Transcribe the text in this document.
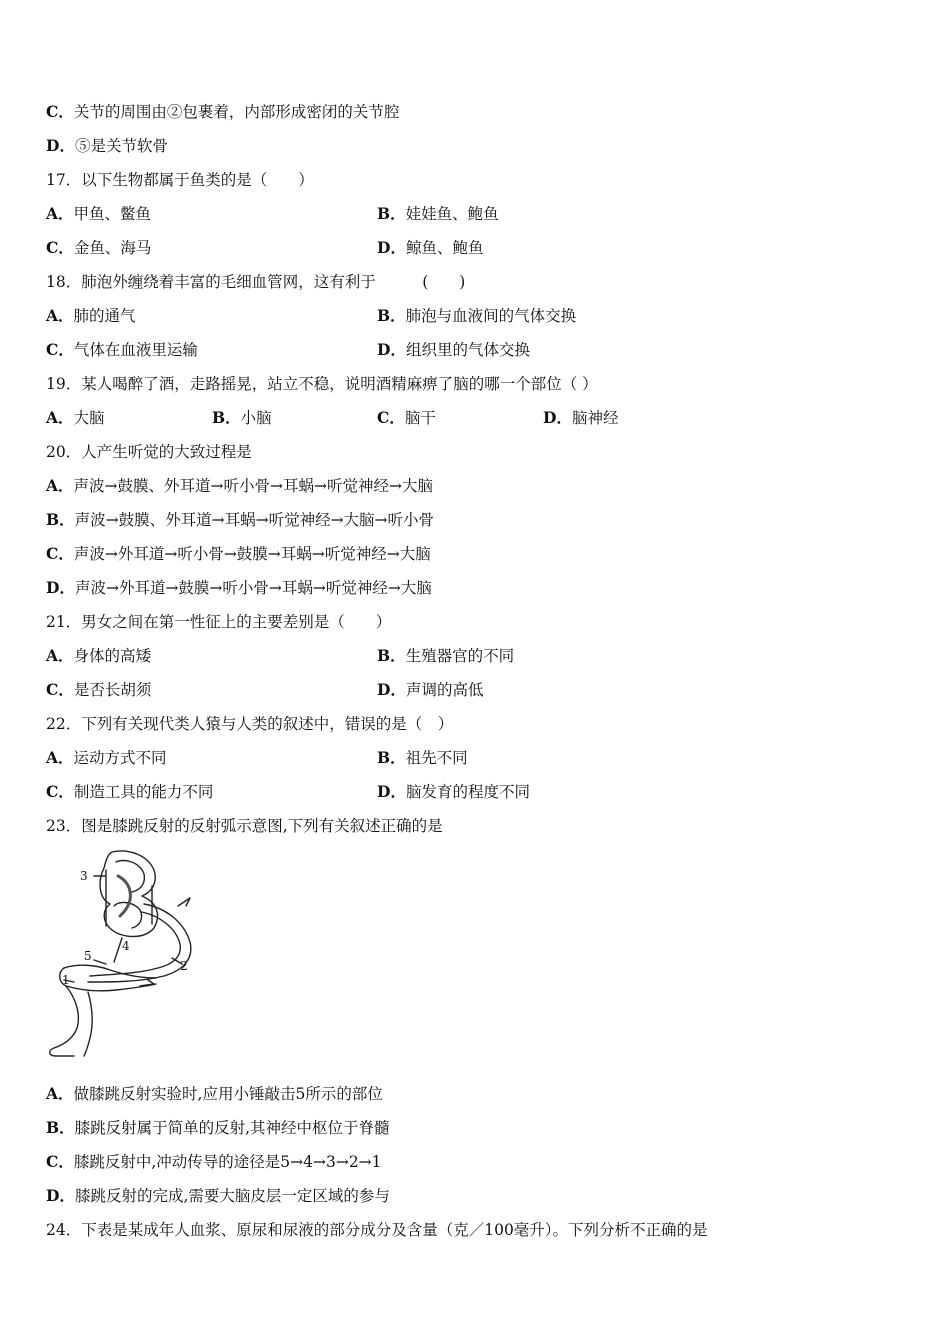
C．关节的周围由②包裹着，内部形成密闭的关节腔
D．⑤是关节软骨
17．以下生物都属于鱼类的是（　　）
A．甲鱼、鳖鱼	B．娃娃鱼、鲍鱼
C．金鱼、海马	D．鲸鱼、鲍鱼
18．肺泡外缠绕着丰富的毛细血管网，这有利于　　　(　　)
A．肺的通气	B．肺泡与血液间的气体交换
C．气体在血液里运输	D．组织里的气体交换
19．某人喝醉了酒，走路摇晃，站立不稳，说明酒精麻痹了脑的哪一个部位（ ）
A．大脑	B．小脑	C．脑干	D．脑神经
20．人产生听觉的大致过程是
A．声波→鼓膜、外耳道→听小骨→耳蜗→听觉神经→大脑
B．声波→鼓膜、外耳道→耳蜗→听觉神经→大脑→听小骨
C．声波→外耳道→听小骨→鼓膜→耳蜗→听觉神经→大脑
D．声波→外耳道→鼓膜→听小骨→耳蜗→听觉神经→大脑
21．男女之间在第一性征上的主要差别是（　　）
A．身体的高矮	B．生殖器官的不同
C．是否长胡须	D．声调的高低
22．下列有关现代类人猿与人类的叙述中，错误的是（　）
A．运动方式不同	B．祖先不同
C．制造工具的能力不同	D．脑发育的程度不同
23．图是膝跳反射的反射弧示意图,下列有关叙述正确的是
3
4
5
2
1
A．做膝跳反射实验时,应用小锤敲击5所示的部位
B．膝跳反射属于简单的反射,其神经中枢位于脊髓
C．膝跳反射中,冲动传导的途径是5→4→3→2→1
D．膝跳反射的完成,需要大脑皮层一定区域的参与
24．下表是某成年人血浆、原尿和尿液的部分成分及含量（克／100毫升）。下列分析不正确的是
